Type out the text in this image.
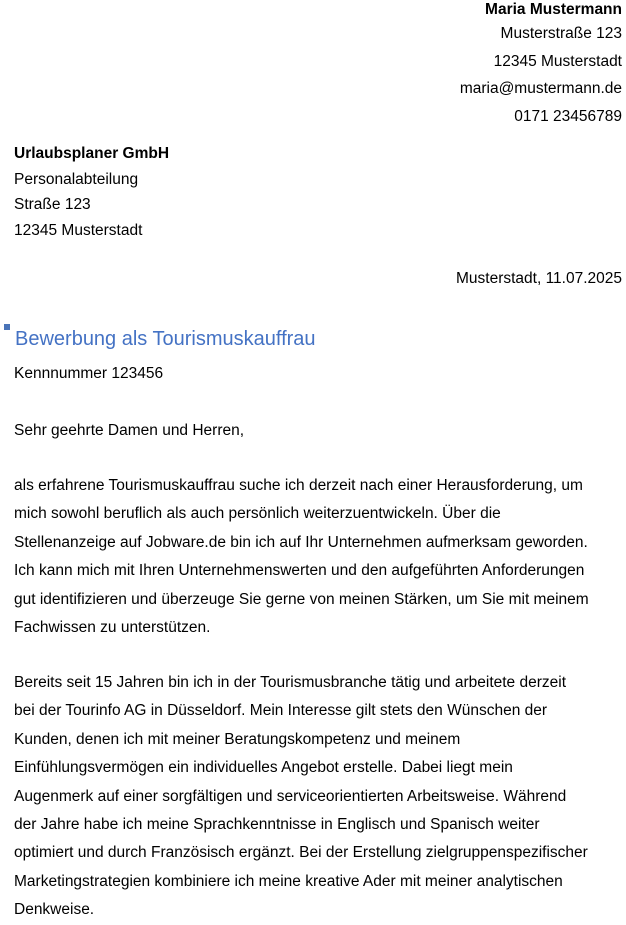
Maria Mustermann
Musterstraße 123
12345 Musterstadt
maria@mustermann.de
0171 23456789
Urlaubsplaner GmbH
Personalabteilung
Straße 123
12345 Musterstadt
Musterstadt, 11.07.2025
Bewerbung als Tourismuskauffrau
Kennnummer 123456
Sehr geehrte Damen und Herren,
als erfahrene Tourismuskauffrau suche ich derzeit nach einer Herausforderung, um
mich sowohl beruflich als auch persönlich weiterzuentwickeln. Über die
Stellenanzeige auf Jobware.de bin ich auf Ihr Unternehmen aufmerksam geworden.
Ich kann mich mit Ihren Unternehmenswerten und den aufgeführten Anforderungen
gut identifizieren und überzeuge Sie gerne von meinen Stärken, um Sie mit meinem
Fachwissen zu unterstützen.
Bereits seit 15 Jahren bin ich in der Tourismusbranche tätig und arbeitete derzeit
bei der Tourinfo AG in Düsseldorf. Mein Interesse gilt stets den Wünschen der
Kunden, denen ich mit meiner Beratungskompetenz und meinem
Einfühlungsvermögen ein individuelles Angebot erstelle. Dabei liegt mein
Augenmerk auf einer sorgfältigen und serviceorientierten Arbeitsweise. Während
der Jahre habe ich meine Sprachkenntnisse in Englisch und Spanisch weiter
optimiert und durch Französisch ergänzt. Bei der Erstellung zielgruppenspezifischer
Marketingstrategien kombiniere ich meine kreative Ader mit meiner analytischen
Denkweise.
